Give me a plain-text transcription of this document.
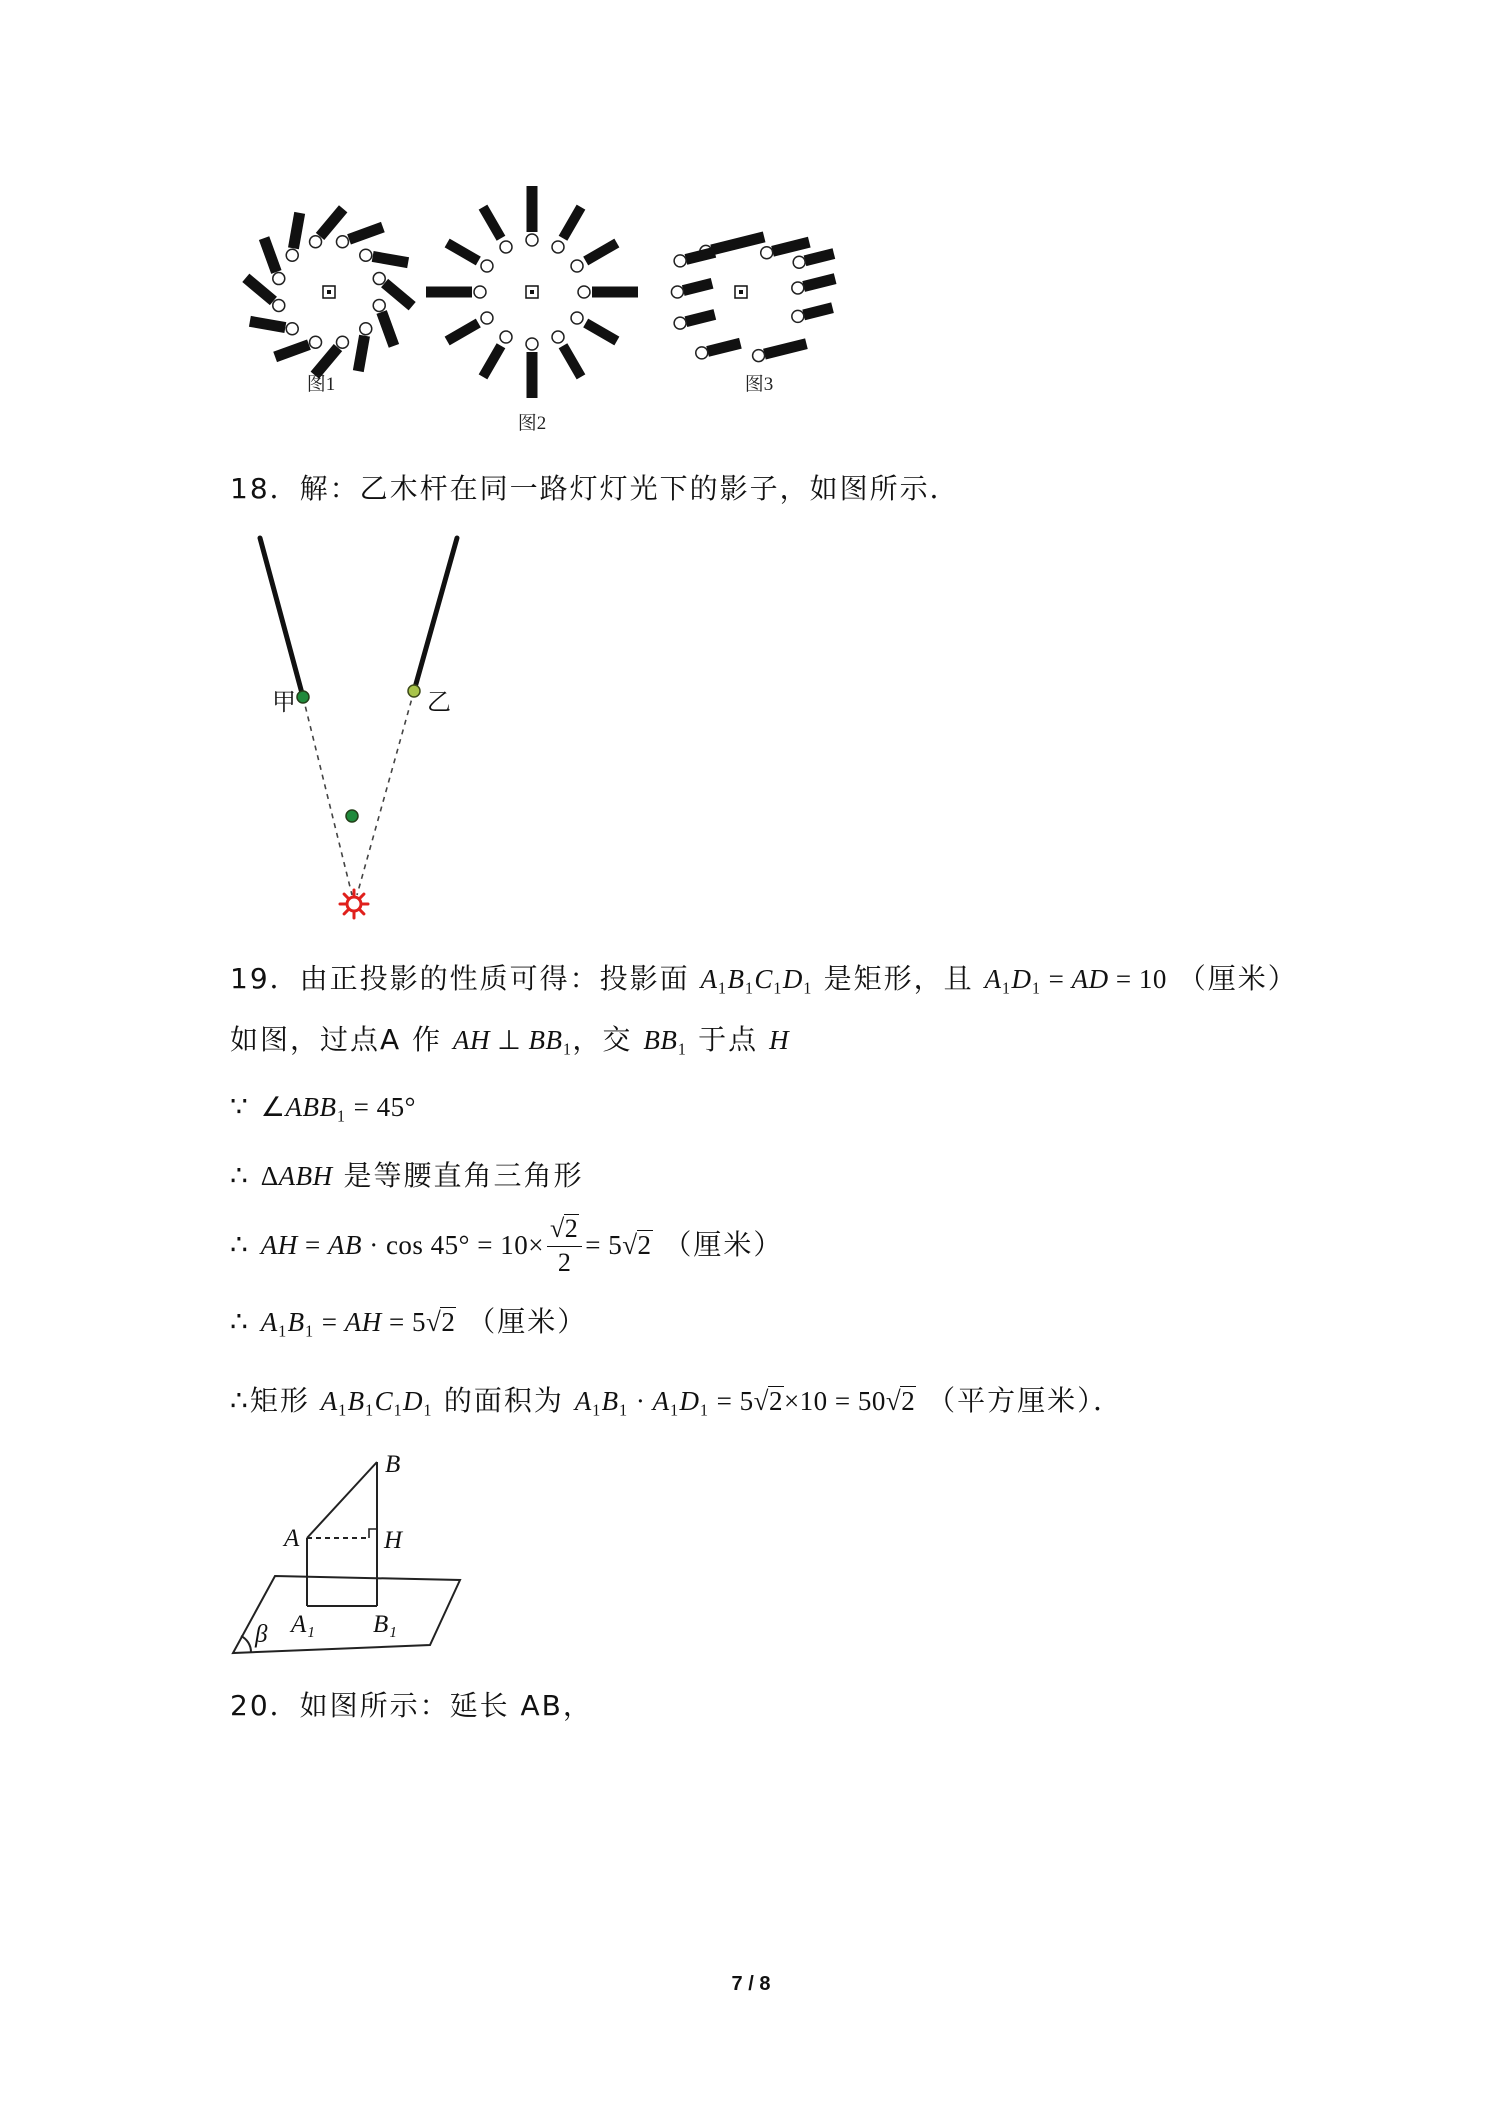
图1
图2
图3
甲	乙
B
A	H
A₁ B₁
β
18．解：乙木杆在同一路灯灯光下的影子，如图所示．
19．由正投影的性质可得：投影面 A₁B₁C₁D₁ 是矩形，且 A₁D₁ = AD = 10 （厘米）
如图，过点A 作 AH ⊥ BB₁，交 BB₁ 于点 H
∵ ∠ABB₁ = 45°
∴ ΔABH 是等腰直角三角形
∴ AH = AB · $\cos 45^\circ = 10\times \frac{√2}{2} = 5√2$ （厘米）
∴ A₁B₁ = AH = 5√2 （厘米）
∴矩形 A₁B₁C₁D₁ 的面积为 A₁B₁ · A₁D₁ = 5√2×10 = 50√2 （平方厘米）．
20．如图所示：延长 AB，
7 / 8
